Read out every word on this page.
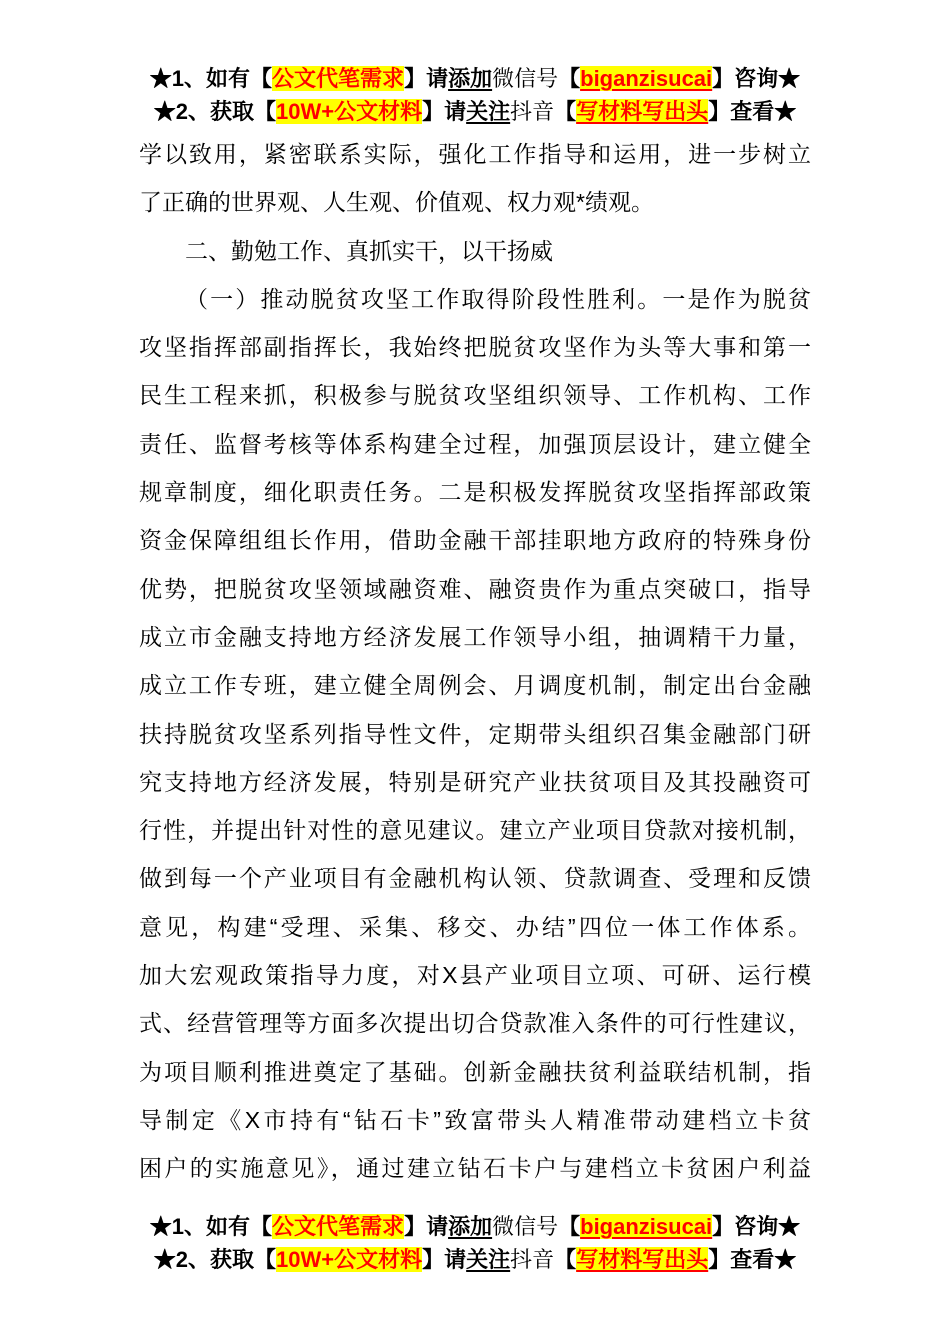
★1、如有【公文代笔需求】请添加微信号【biganzisucai】咨询★
★2、获取【10W+公文材料】请关注抖音【写材料写出头】查看★
学以致用，紧密联系实际，强化工作指导和运用，进一步树立
了正确的世界观、人生观、价值观、权力观*绩观。
二、勤勉工作、真抓实干，以干扬威
（一）推动脱贫攻坚工作取得阶段性胜利。一是作为脱贫
攻坚指挥部副指挥长，我始终把脱贫攻坚作为头等大事和第一
民生工程来抓，积极参与脱贫攻坚组织领导、工作机构、工作
责任、监督考核等体系构建全过程，加强顶层设计，建立健全
规章制度，细化职责任务。二是积极发挥脱贫攻坚指挥部政策
资金保障组组长作用，借助金融干部挂职地方政府的特殊身份
优势，把脱贫攻坚领域融资难、融资贵作为重点突破口，指导
成立市金融支持地方经济发展工作领导小组，抽调精干力量，
成立工作专班，建立健全周例会、月调度机制，制定出台金融
扶持脱贫攻坚系列指导性文件，定期带头组织召集金融部门研
究支持地方经济发展，特别是研究产业扶贫项目及其投融资可
行性，并提出针对性的意见建议。建立产业项目贷款对接机制，
做到每一个产业项目有金融机构认领、贷款调查、受理和反馈
意见，构建“受理、采集、移交、办结”四位一体工作体系。
加大宏观政策指导力度，对X县产业项目立项、可研、运行模
式、经营管理等方面多次提出切合贷款准入条件的可行性建议，
为项目顺利推进奠定了基础。创新金融扶贫利益联结机制，指
导制定《X市持有“钻石卡”致富带头人精准带动建档立卡贫
困户的实施意见》，通过建立钻石卡户与建档立卡贫困户利益
★1、如有【公文代笔需求】请添加微信号【biganzisucai】咨询★
★2、获取【10W+公文材料】请关注抖音【写材料写出头】查看★
